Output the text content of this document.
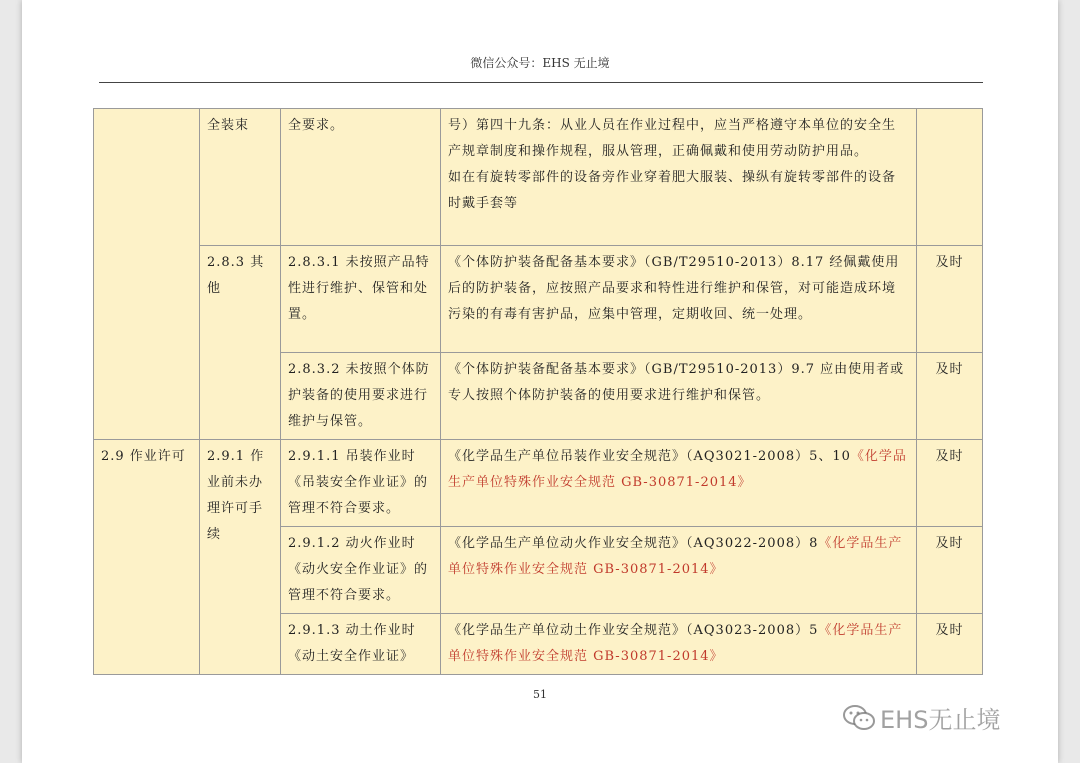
微信公众号：EHS 无止境
	全装束	全要求。	号）第四十九条：从业人员在作业过程中，应当严格遵守本单位的安全生产规章制度和操作规程，服从管理，正确佩戴和使用劳动防护用品。
如在有旋转零部件的设备旁作业穿着肥大服装、操纵有旋转零部件的设备时戴手套等	

	2.8.3 其他	2.8.3.1 未按照产品特性进行维护、保管和处置。	《个体防护装备配备基本要求》（GB/T29510-2013）8.17 经佩戴使用后的防护装备，应按照产品要求和特性进行维护和保管，对可能造成环境污染的有毒有害护品，应集中管理，定期收回、统一处理。	及时
		2.8.3.2 未按照个体防护装备的使用要求进行维护与保管。	《个体防护装备配备基本要求》（GB/T29510-2013）9.7 应由使用者或专人按照个体防护装备的使用要求进行维护和保管。	及时
2.9 作业许可	2.9.1 作业前未办理许可手续	2.9.1.1 吊装作业时《吊装安全作业证》的管理不符合要求。	《化学品生产单位吊装作业安全规范》（AQ3021-2008）5、10《化学品生产单位特殊作业安全规范 GB-30871-2014》	及时
		2.9.1.2 动火作业时《动火安全作业证》的管理不符合要求。	《化学品生产单位动火作业安全规范》（AQ3022-2008）8《化学品生产单位特殊作业安全规范 GB-30871-2014》	及时
		2.9.1.3 动土作业时《动土安全作业证》	《化学品生产单位动土作业安全规范》（AQ3023-2008）5《化学品生产单位特殊作业安全规范 GB-30871-2014》	及时
51
EHS无止境
